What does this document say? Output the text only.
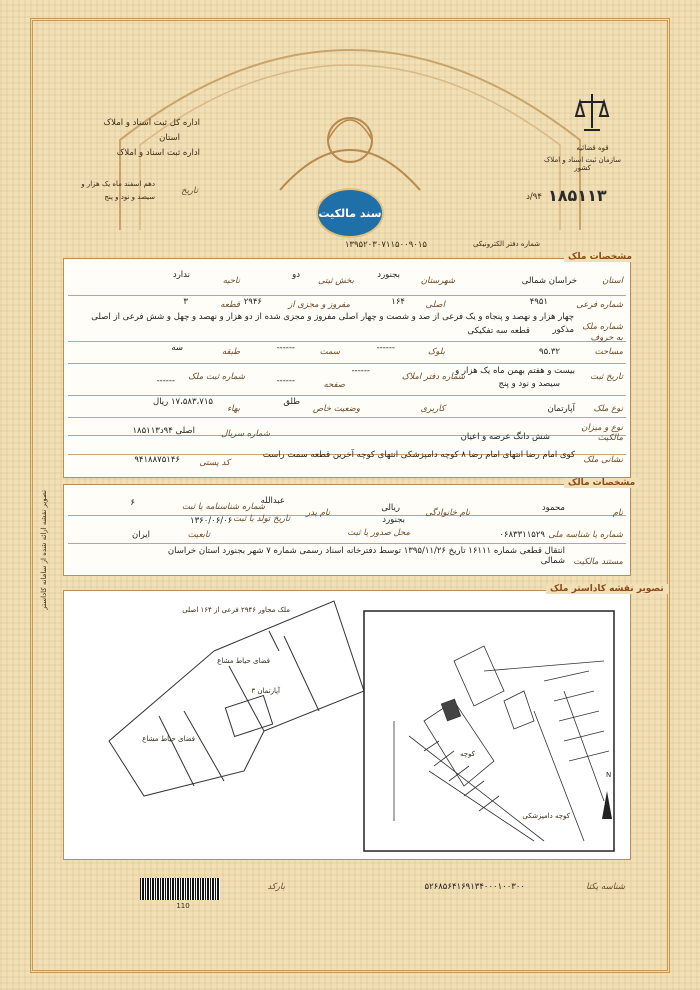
اداره کل ثبت اسناد و املاک
استان
اداره ثبت اسناد و املاک
دهم اسفند ماه یک هزار و
سیصد و نود و پنج
تاریخ
قوه قضائیه
سازمان ثبت اسناد و املاک کشور
سند مالکیت
۱۸۵۱۱۳
۹۴/د
شماره دفتر الکترونیکی
۱۳۹۵۲۰۳۰۷۱۱۵۰۰۹۰۱۵
مشخصات ملک
استان
خراسان شمالی
شهرستان
بجنورد
بخش ثبتی
دو
ناحیه
ندارد
شماره فرعی
۴۹۵۱
اصلی
۱۶۴
مفروز و مجزی از
۲۹۴۶
قطعه
۳
شماره ملک به حروف
چهار هزار و نهصد و پنجاه و یک فرعی از صد و شصت و چهار اصلی مفروز و مجزی شده از دو هزار و نهصد و چهل و شش فرعی از اصلی مذکور
قطعه سه تفکیکی
مساحت
۹۵.۳۲
بلوک
------
سمت
------
طبقه
سه
تاریخ ثبت
بیست و هفتم بهمن ماه یک هزار و
سیصد و نود و پنج
شماره دفتر املاک
صفحه
------
------
شماره ثبت ملک
------
نوع ملک
آپارتمان
کاربری
وضعیت خاص
طلق
بهاء
۱۷،۵۸۳،۷۱۵ ریال
نوع و میزان مالکیت
شش دانگ عرصه و اعیان
شماره سریال
اصلی ۹۴د۱۸۵۱۱۳
نشانی ملک
کوی امام رضا انتهای امام رضا ۸ کوچه دامپزشکی انتهای کوچه آخرین قطعه سمت راست
کد پستی
۹۴۱۸۸۷۵۱۴۶
مشخصات مالک
نام
محمود
نام خانوادگی
ریالی
نام پدر
عبدالله
شماره شناسنامه یا ثبت
۶
شماره یا شناسه ملی
۰۶۸۳۳۱۱۵۲۹
محل صدور یا ثبت
بجنورد
تاریخ تولد یا ثبت
۱۳۶۰/۰۶/۰۶
تابعیت
ایران
مستند مالکیت
انتقال قطعی شماره ۱۶۱۱۱ تاریخ ۱۳۹۵/۱۱/۲۶ توسط دفترخانه اسناد رسمی شماره ۷ شهر بجنورد استان خراسان شمالی
تصویر نقشه کاداستر ملک
N
ملک مجاور ۲۹۴۶ فرعی از ۱۶۴ اصلی
فضای حیاط مشاع
آپارتمان ۳
فضای حیاط مشاع
کوچه
کوچه دامپزشکی
تصویر نقشه ارائه شده از سامانه کاداستر
شناسه یکتا
۵۲۶۸۵۶۴۱۶۹۱۳۴۰۰۰۱۰۰۳۰۰
بارکد
110
